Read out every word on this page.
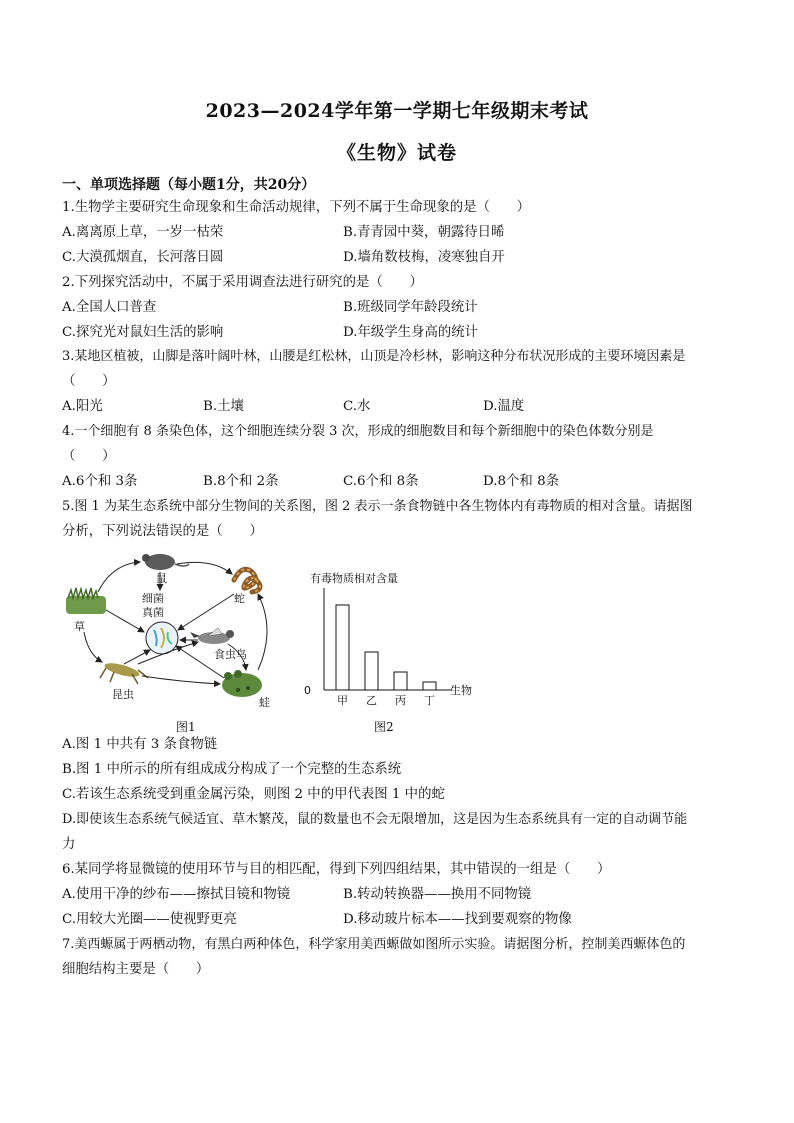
2023—2024学年第一学期七年级期末考试
《生物》试卷
一、单项选择题（每小题1分，共20分）
1.生物学主要研究生命现象和生命活动规律，下列不属于生命现象的是（　　）
A.离离原上草，一岁一枯荣	B.青青园中葵，朝露待日晞
C.大漠孤烟直，长河落日圆	D.墙角数枝梅，凌寒独自开
2.下列探究活动中，不属于采用调查法进行研究的是（　　）
A.全国人口普查	B.班级同学年龄段统计
C.探究光对鼠妇生活的影响	D.年级学生身高的统计
3.某地区植被，山脚是落叶阔叶林，山腰是红松林，山顶是冷杉林，影响这种分布状况形成的主要环境因素是
（　　）
A.阳光	B.土壤	C.水	D.温度
4.一个细胞有 8 条染色体，这个细胞连续分裂 3 次，形成的细胞数目和每个新细胞中的染色体数分别是
（　　）
A.6个和 3条	B.8个和 2条	C.6个和 8条	D.8个和 8条
5.图 1 为某生态系统中部分生物间的关系图，图 2 表示一条食物链中各生物体内有毒物质的相对含量。请据图
分析，下列说法错误的是（　　）
草
鼠
蛇
细菌
真菌
食虫鸟
昆虫
蛙
图1
有毒物质相对含量
0	生物
甲 乙 丙 丁
图2
A.图 1 中共有 3 条食物链
B.图 1 中所示的所有组成成分构成了一个完整的生态系统
C.若该生态系统受到重金属污染，则图 2 中的甲代表图 1 中的蛇
D.即使该生态系统气候适宜、草木繁茂，鼠的数量也不会无限增加，这是因为生态系统具有一定的自动调节能
力
6.某同学将显微镜的使用环节与目的相匹配，得到下列四组结果，其中错误的一组是（　　）
A.使用干净的纱布——擦拭目镜和物镜	B.转动转换器——换用不同物镜
C.用较大光圈——使视野更亮	D.移动玻片标本——找到要观察的物像
7.美西螈属于两栖动物，有黑白两种体色，科学家用美西螈做如图所示实验。请据图分析，控制美西螈体色的
细胞结构主要是（　　）
